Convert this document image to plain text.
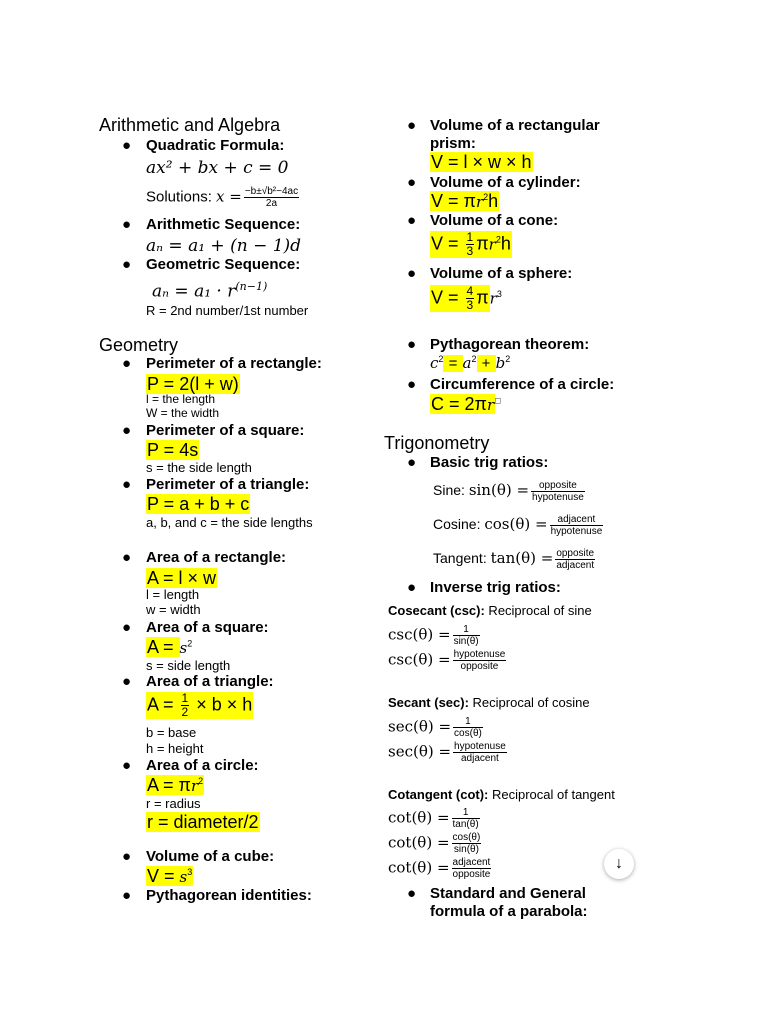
Arithmetic and Algebra
● Quadratic Formula:
ax² + bx + c = 0
Solutions: $x = \frac{\text{−b±√b²−4ac}}{2a}$
● Arithmetic Sequence:
aₙ = a₁ + (n − 1)d
● Geometric Sequence:
$a_n = a_1 \cdot r^{(n-1)}$
R = 2nd number/1st number
Geometry
● Perimeter of a rectangle:
P = 2(l + w)
l = the length
W = the width
● Perimeter of a square:
P = 4s
s = the side length
● Perimeter of a triangle:
P = a + b + c
a, b, and c = the side lengths
● Area of a rectangle:
A = l × w
l = length
w = width
● Area of a square:
$A = s^2$
s = side length
● Area of a triangle:
$A = \frac{1}{2} \times b \times h$
b = base
h = height
● Area of a circle:
$A = \pi r^2$
r = radius
r = diameter/2
● Volume of a cube:
$V = s^3$
● Pythagorean identities:
● Volume of a rectangular
prism:
V = l × w × h
● Volume of a cylinder:
$V = \pi r^2h$
● Volume of a cone:
$V = \frac{1}{3} \pi r^2h$
● Volume of a sphere:
$V = \frac{4}{3} \pi r^3$
● Pythagorean theorem:
$c^2 = a^2 + b^2$
● Circumference of a circle:
C = 2πr□
Trigonometry
● Basic trig ratios:
Sine: $\sin(\theta) = \frac{\text{opposite}}{\text{hypotenuse}}$
Cosine: $\cos(\theta) = \frac{\text{adjacent}}{\text{hypotenuse}}$
Tangent: $\tan(\theta) = \frac{\text{opposite}}{\text{adjacent}}$
● Inverse trig ratios:
Cosecant (csc): Reciprocal of sine
$\csc(\theta) = \frac{1}{\sin(\theta)}$
$\csc(\theta) = \frac{\text{hypotenuse}}{\text{opposite}}$
Secant (sec): Reciprocal of cosine
$\sec(\theta) = \frac{1}{\cos(\theta)}$
$\sec(\theta) = \frac{\text{hypotenuse}}{\text{adjacent}}$
Cotangent (cot): Reciprocal of tangent
$\cot(\theta) = \frac{1}{\tan(\theta)}$
$\cot(\theta) = \frac{\cos(\theta)}{\sin(\theta)}$
$\cot(\theta) = \frac{\text{adjacent}}{\text{opposite}}$
● Standard and General
formula of a parabola:
↓
